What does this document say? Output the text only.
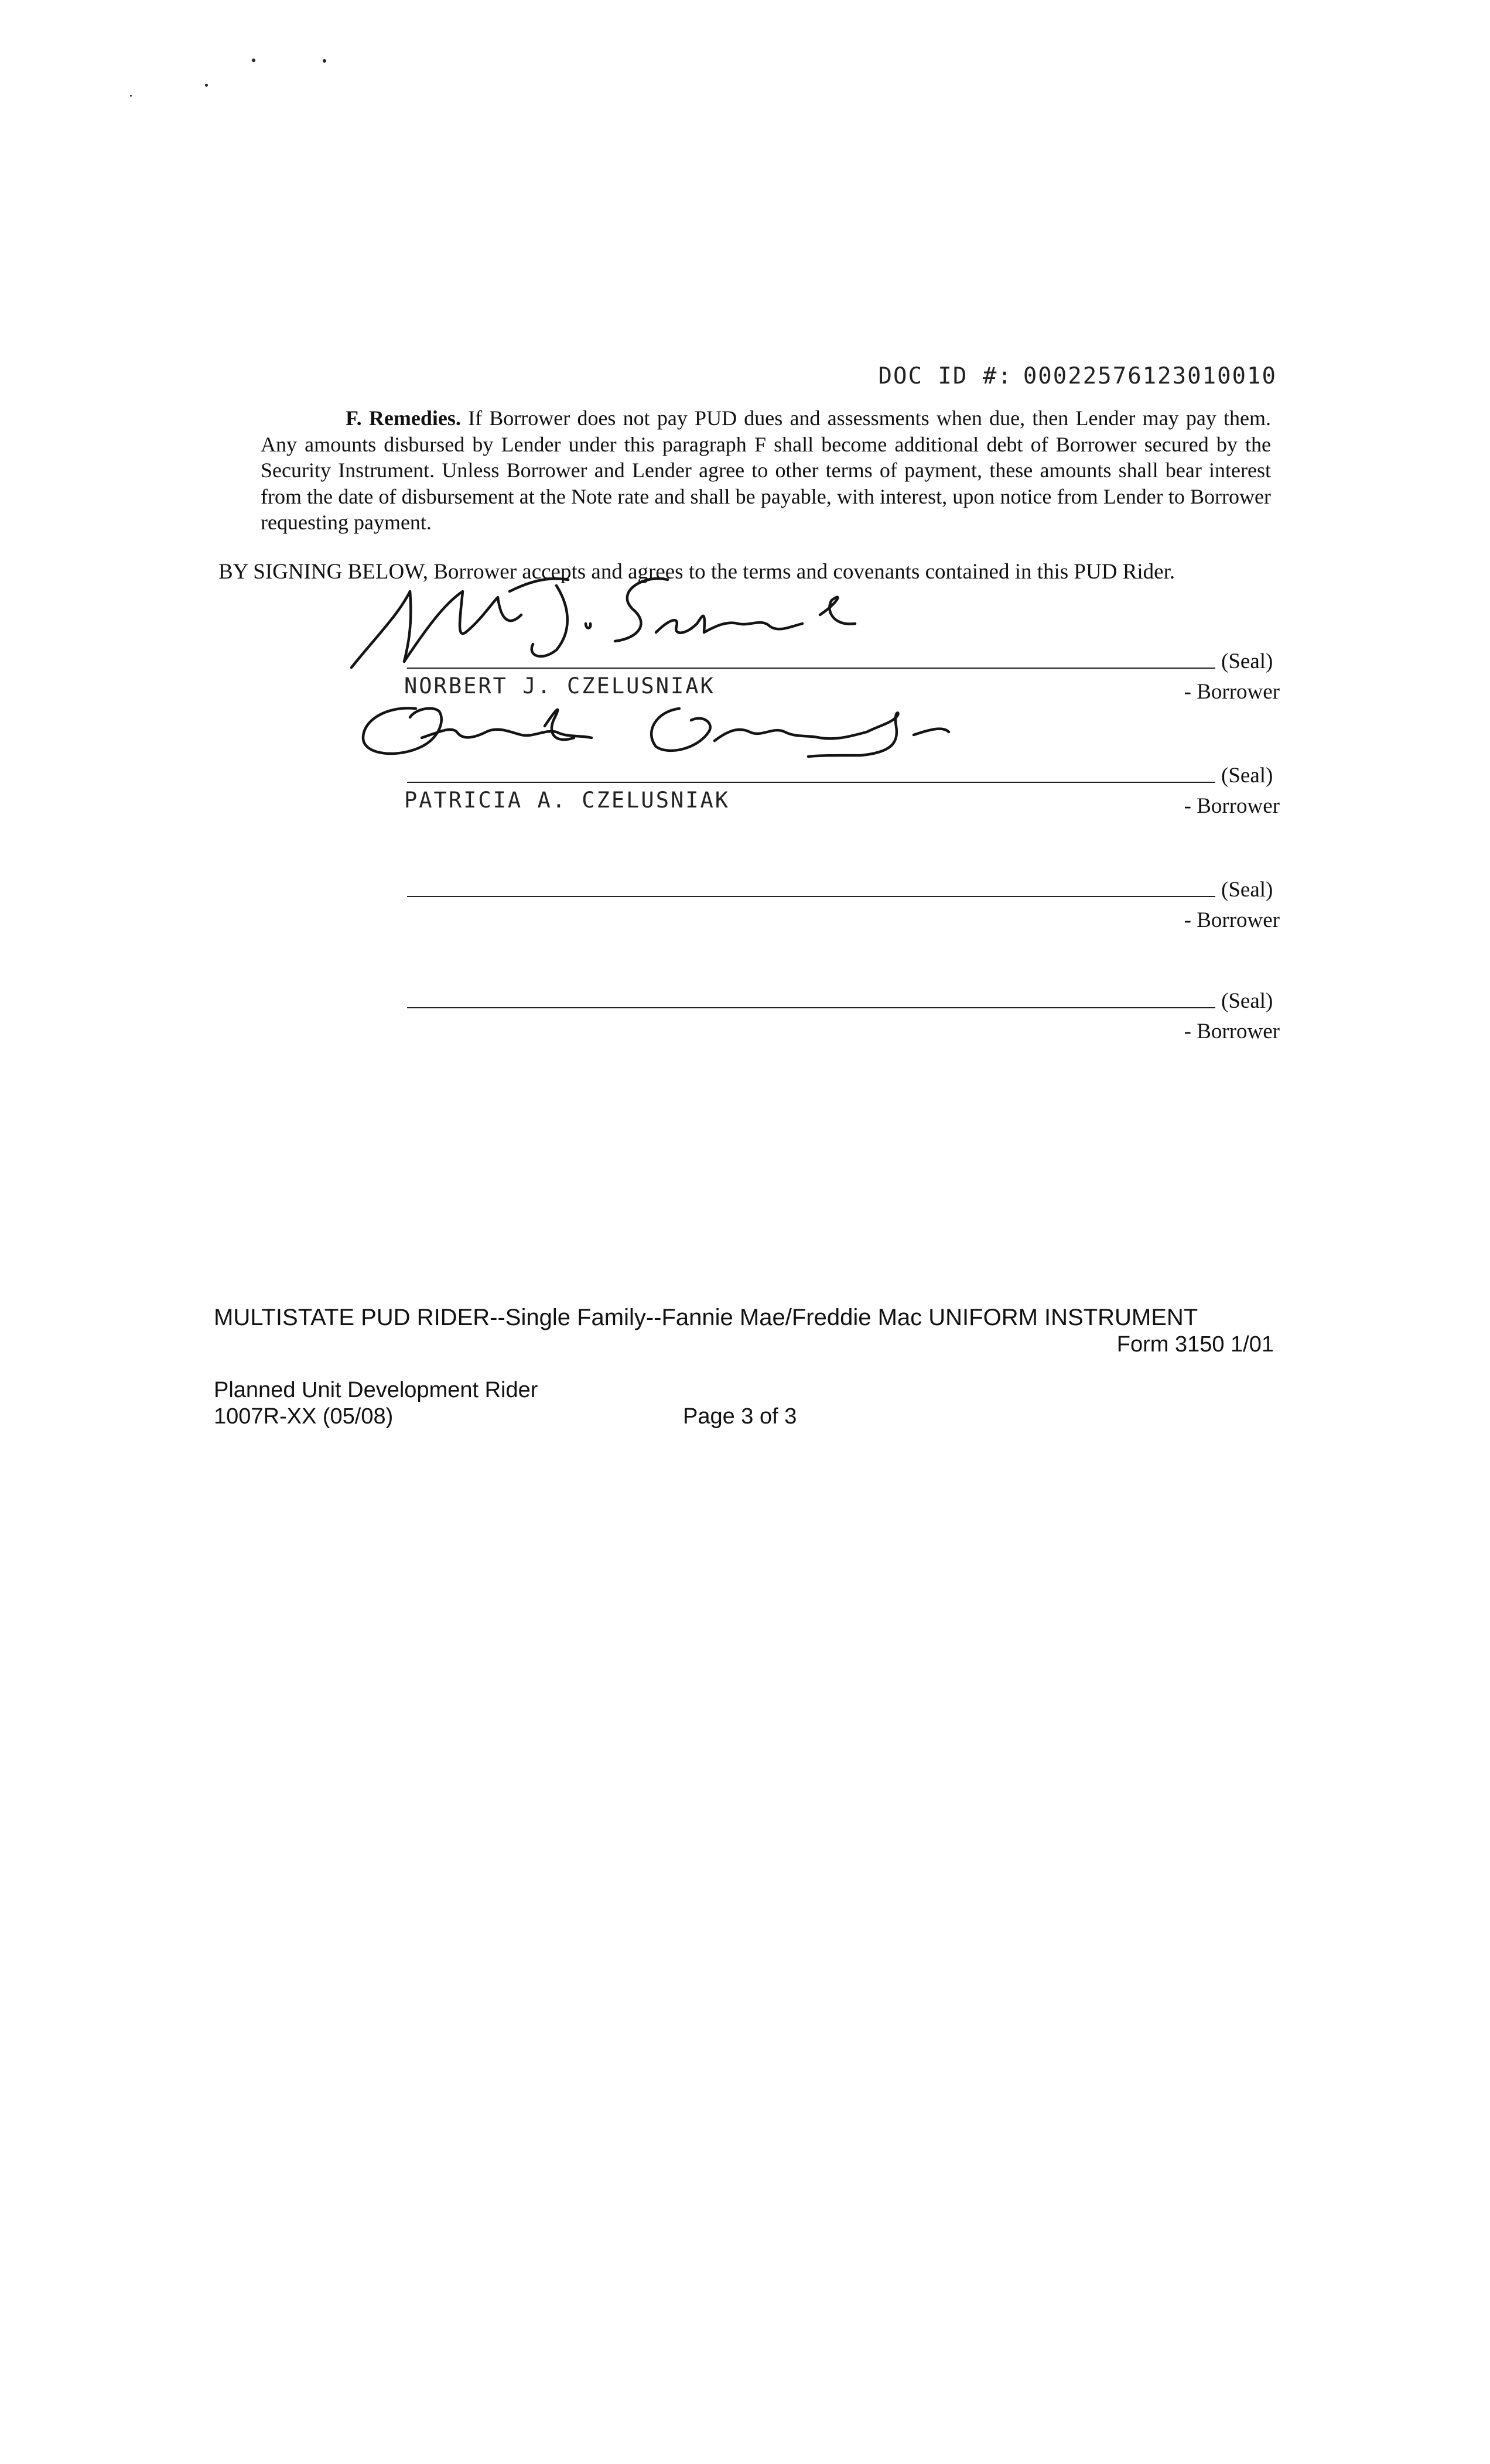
DOC ID #: 00022576123010010
F. Remedies. If Borrower does not pay PUD dues and assessments when due, then Lender may pay them. Any amounts disbursed by Lender under this paragraph F shall become additional debt of Borrower secured by the Security Instrument. Unless Borrower and Lender agree to other terms of payment, these amounts shall bear interest from the date of disbursement at the Note rate and shall be payable, with interest, upon notice from Lender to Borrower requesting payment.
BY SIGNING BELOW, Borrower accepts and agrees to the terms and covenants contained in this PUD Rider.
(Seal)
NORBERT J. CZELUSNIAK	- Borrower
(Seal)
PATRICIA A. CZELUSNIAK	- Borrower
(Seal)
- Borrower
(Seal)
- Borrower
MULTISTATE PUD RIDER--Single Family--Fannie Mae/Freddie Mac UNIFORM INSTRUMENT
Form 3150 1/01
Planned Unit Development Rider
1007R-XX (05/08)	Page 3 of 3
